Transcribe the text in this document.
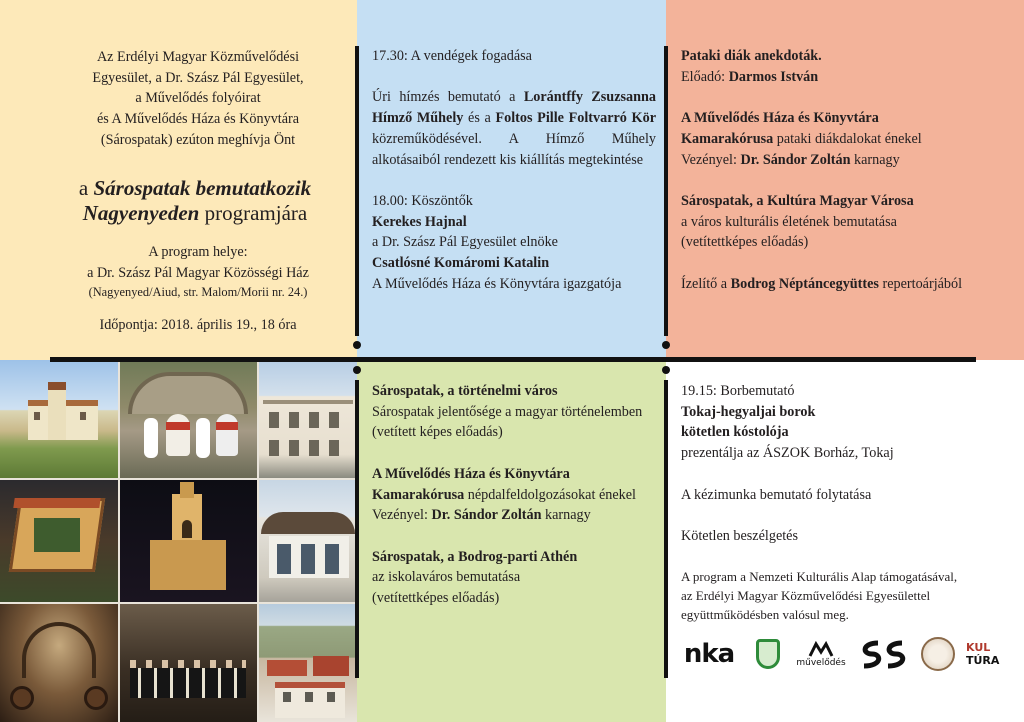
Az Erdélyi Magyar Közművelődési
Egyesület, a Dr. Szász Pál Egyesület,
a Művelődés folyóirat
és A Művelődés Háza és Könyvtára
(Sárospatak) ezúton meghívja Önt
a Sárospatak bemutatkozik
Nagyenyeden programjára
A program helye:
a Dr. Szász Pál Magyar Közösségi Ház
(Nagyenyed/Aiud, str. Malom/Morii nr. 24.)
Időpontja: 2018. április 19., 18 óra
17.30: A vendégek fogadása
Úri hímzés bemutató a Lorántffy Zsuzsanna Hímző Műhely és a Foltos Pille Foltvarró Kör közreműködésével. A Hímző Műhely alkotásaiból rendezett kis kiállítás megtekintése
18.00: Köszöntők
Kerekes Hajnal
a Dr. Szász Pál Egyesület elnöke
Csatlósné Komáromi Katalin
A Művelődés Háza és Könyvtára igazgatója
Pataki diák anekdoták.
Előadó: Darmos István
A Művelődés Háza és Könyvtára Kamarakórusa pataki diákdalokat énekel
Vezényel: Dr. Sándor Zoltán karnagy
Sárospatak, a Kultúra Magyar Városa
a város kulturális életének bemutatása (vetítettképes előadás)
Ízelítő a Bodrog Néptáncegyüttes repertoárjából
Sárospatak, a történelmi város
Sárospatak jelentősége a magyar történelemben (vetített képes előadás)
A Művelődés Háza és Könyvtára Kamarakórusa népdalfeldolgozásokat énekel
Vezényel: Dr. Sándor Zoltán karnagy
Sárospatak, a Bodrog-parti Athén
az iskolaváros bemutatása (vetítettképes előadás)
19.15: Borbemutató
Tokaj-hegyaljai borok kötetlen kóstolója
prezentálja az ÁSZOK Borház, Tokaj
A kézimunka bemutató folytatása
Kötetlen beszélgetés
A program a Nemzeti Kulturális Alap támogatásával, az Erdélyi Magyar Közművelődési Egyesülettel együttműködésben valósul meg.
nka	művelődés
KUL
TÚRA
